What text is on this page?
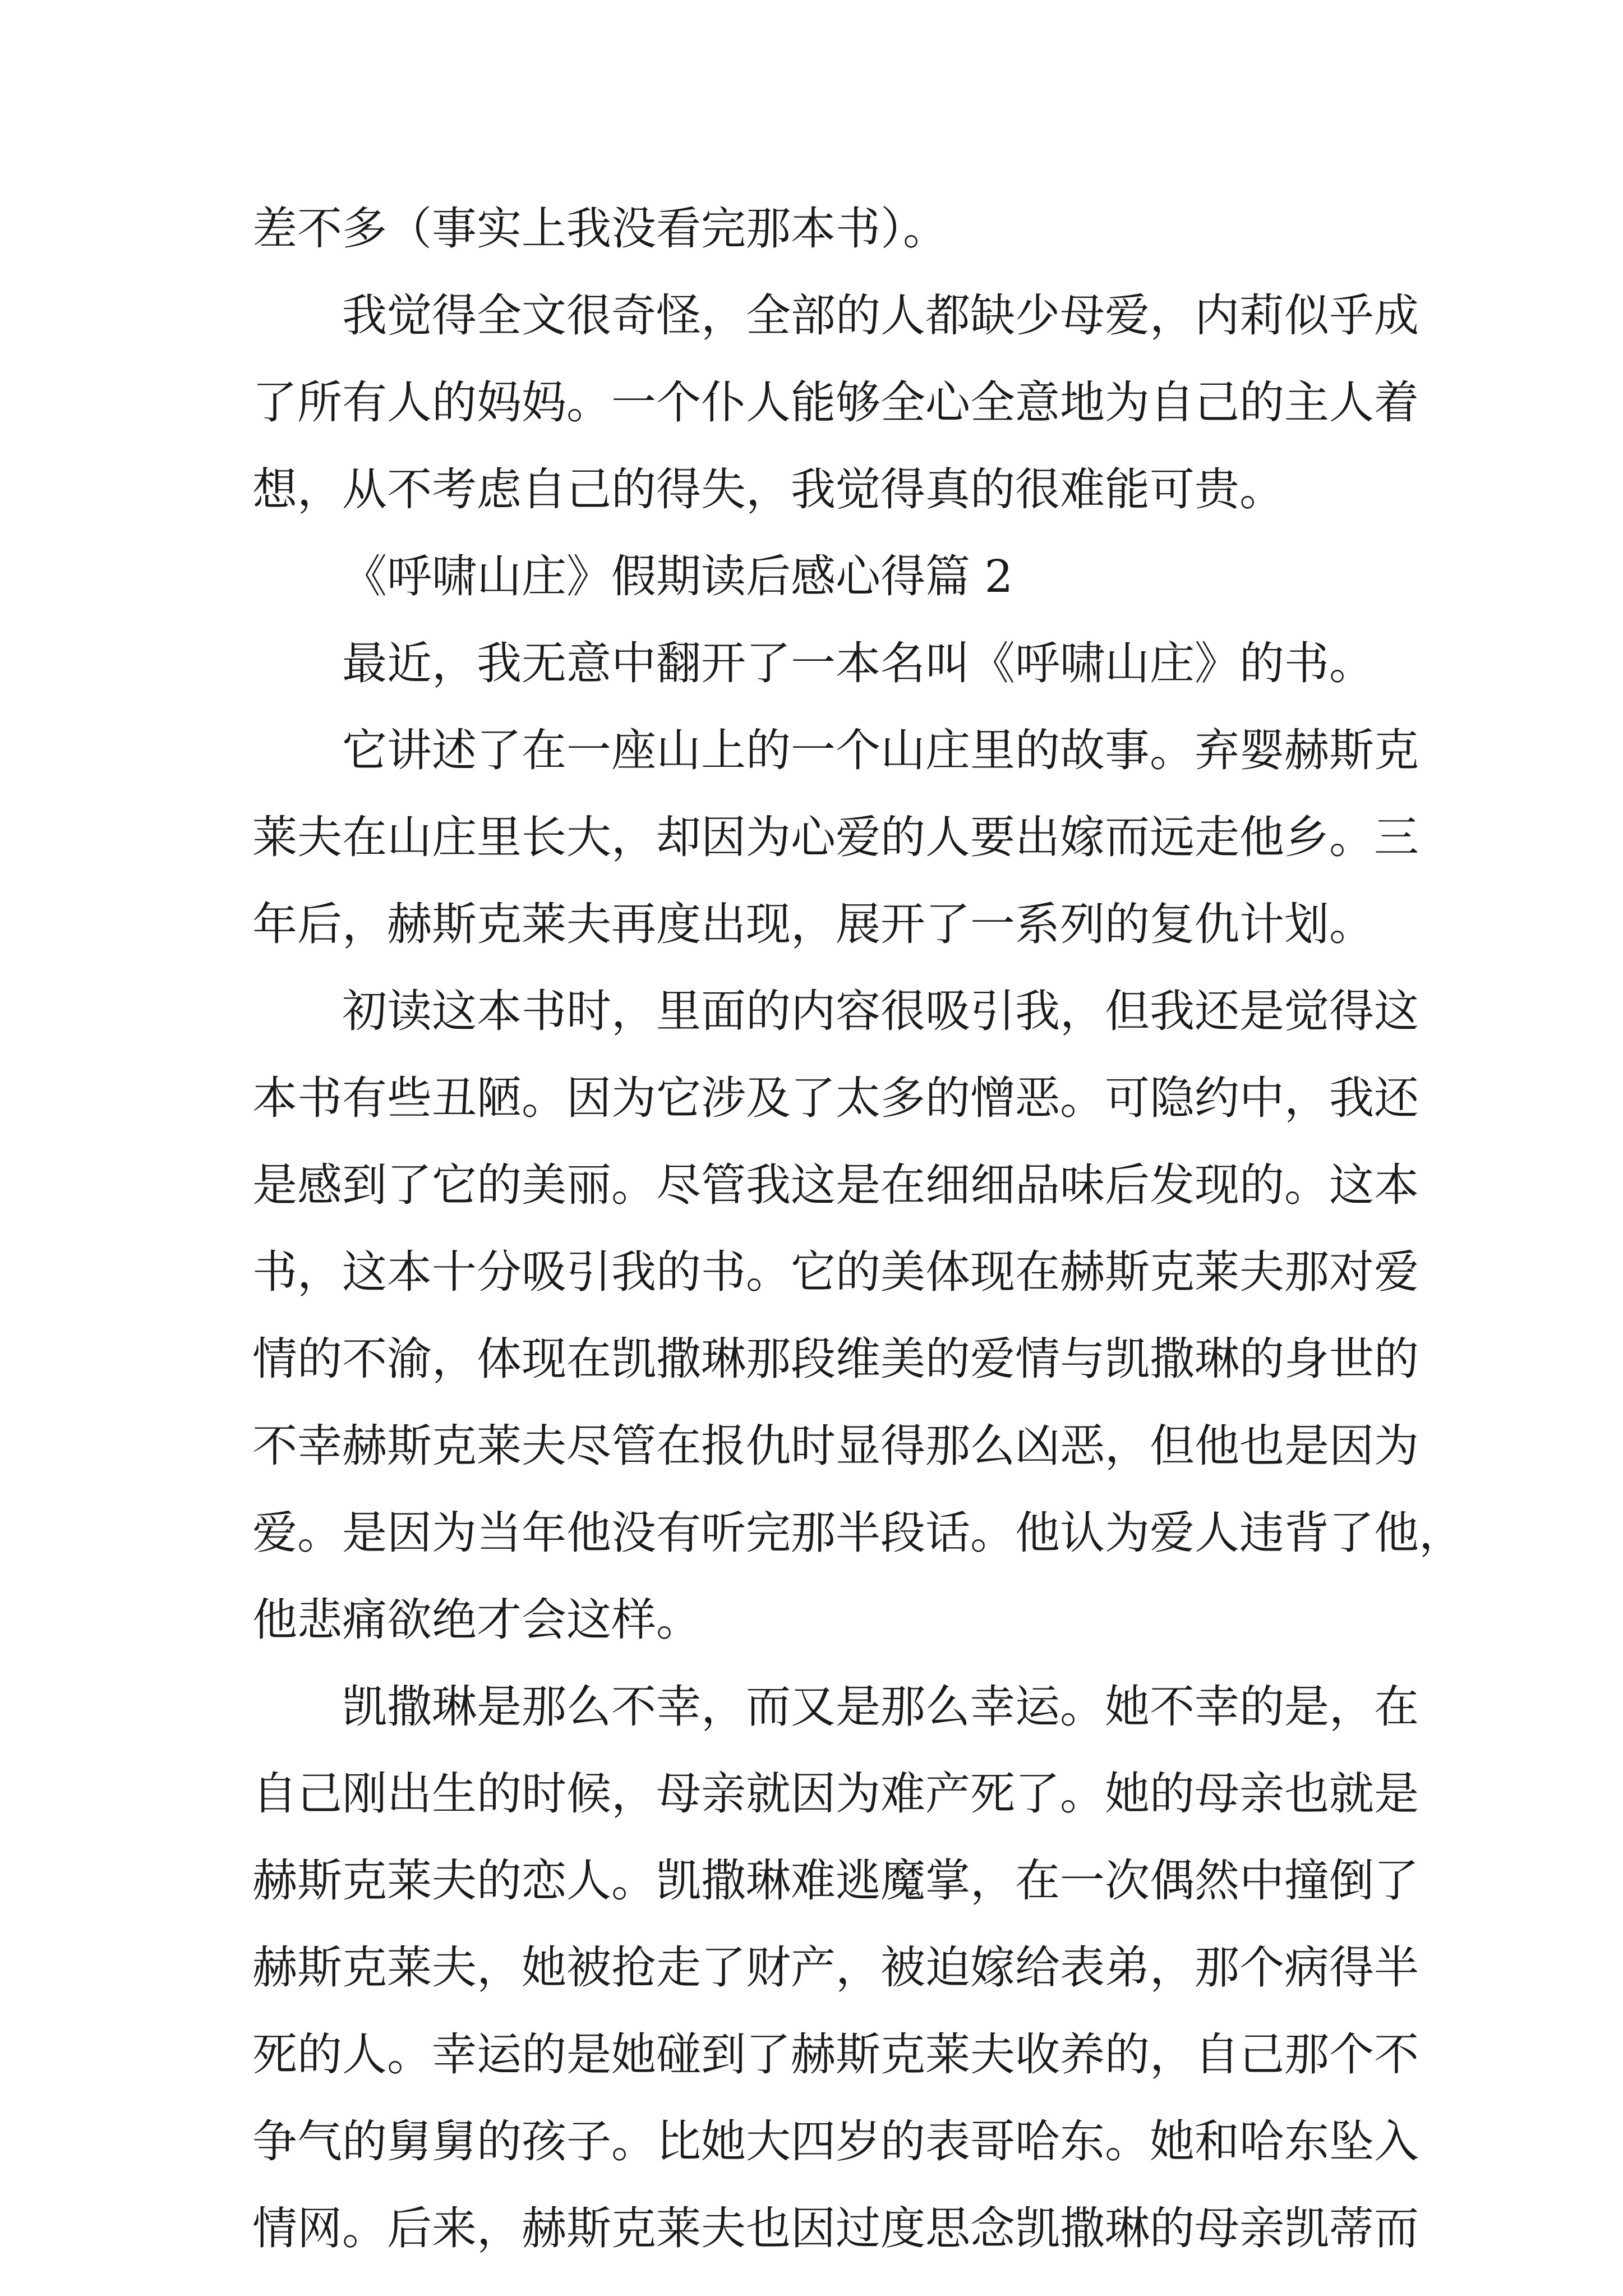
差不多（事实上我没看完那本书）。

我觉得全文很奇怪，全部的人都缺少母爱，内莉似乎成
了所有人的妈妈。一个仆人能够全心全意地为自己的主人着
想，从不考虑自己的得失，我觉得真的很难能可贵。

《呼啸山庄》假期读后感心得篇 2

最近，我无意中翻开了一本名叫《呼啸山庄》的书。

它讲述了在一座山上的一个山庄里的故事。弃婴赫斯克
莱夫在山庄里长大，却因为心爱的人要出嫁而远走他乡。三
年后，赫斯克莱夫再度出现，展开了一系列的复仇计划。

初读这本书时，里面的内容很吸引我，但我还是觉得这
本书有些丑陋。因为它涉及了太多的憎恶。可隐约中，我还
是感到了它的美丽。尽管我这是在细细品味后发现的。这本
书，这本十分吸引我的书。它的美体现在赫斯克莱夫那对爱
情的不渝，体现在凯撒琳那段维美的爱情与凯撒琳的身世的
不幸赫斯克莱夫尽管在报仇时显得那么凶恶，但他也是因为
爱。是因为当年他没有听完那半段话。他认为爱人违背了他，
他悲痛欲绝才会这样。

凯撒琳是那么不幸，而又是那么幸运。她不幸的是，在
自己刚出生的时候，母亲就因为难产死了。她的母亲也就是
赫斯克莱夫的恋人。凯撒琳难逃魔掌，在一次偶然中撞倒了
赫斯克莱夫，她被抢走了财产，被迫嫁给表弟，那个病得半
死的人。幸运的是她碰到了赫斯克莱夫收养的，自己那个不
争气的舅舅的孩子。比她大四岁的表哥哈东。她和哈东坠入
情网。后来，赫斯克莱夫也因过度思念凯撒琳的母亲凯蒂而
